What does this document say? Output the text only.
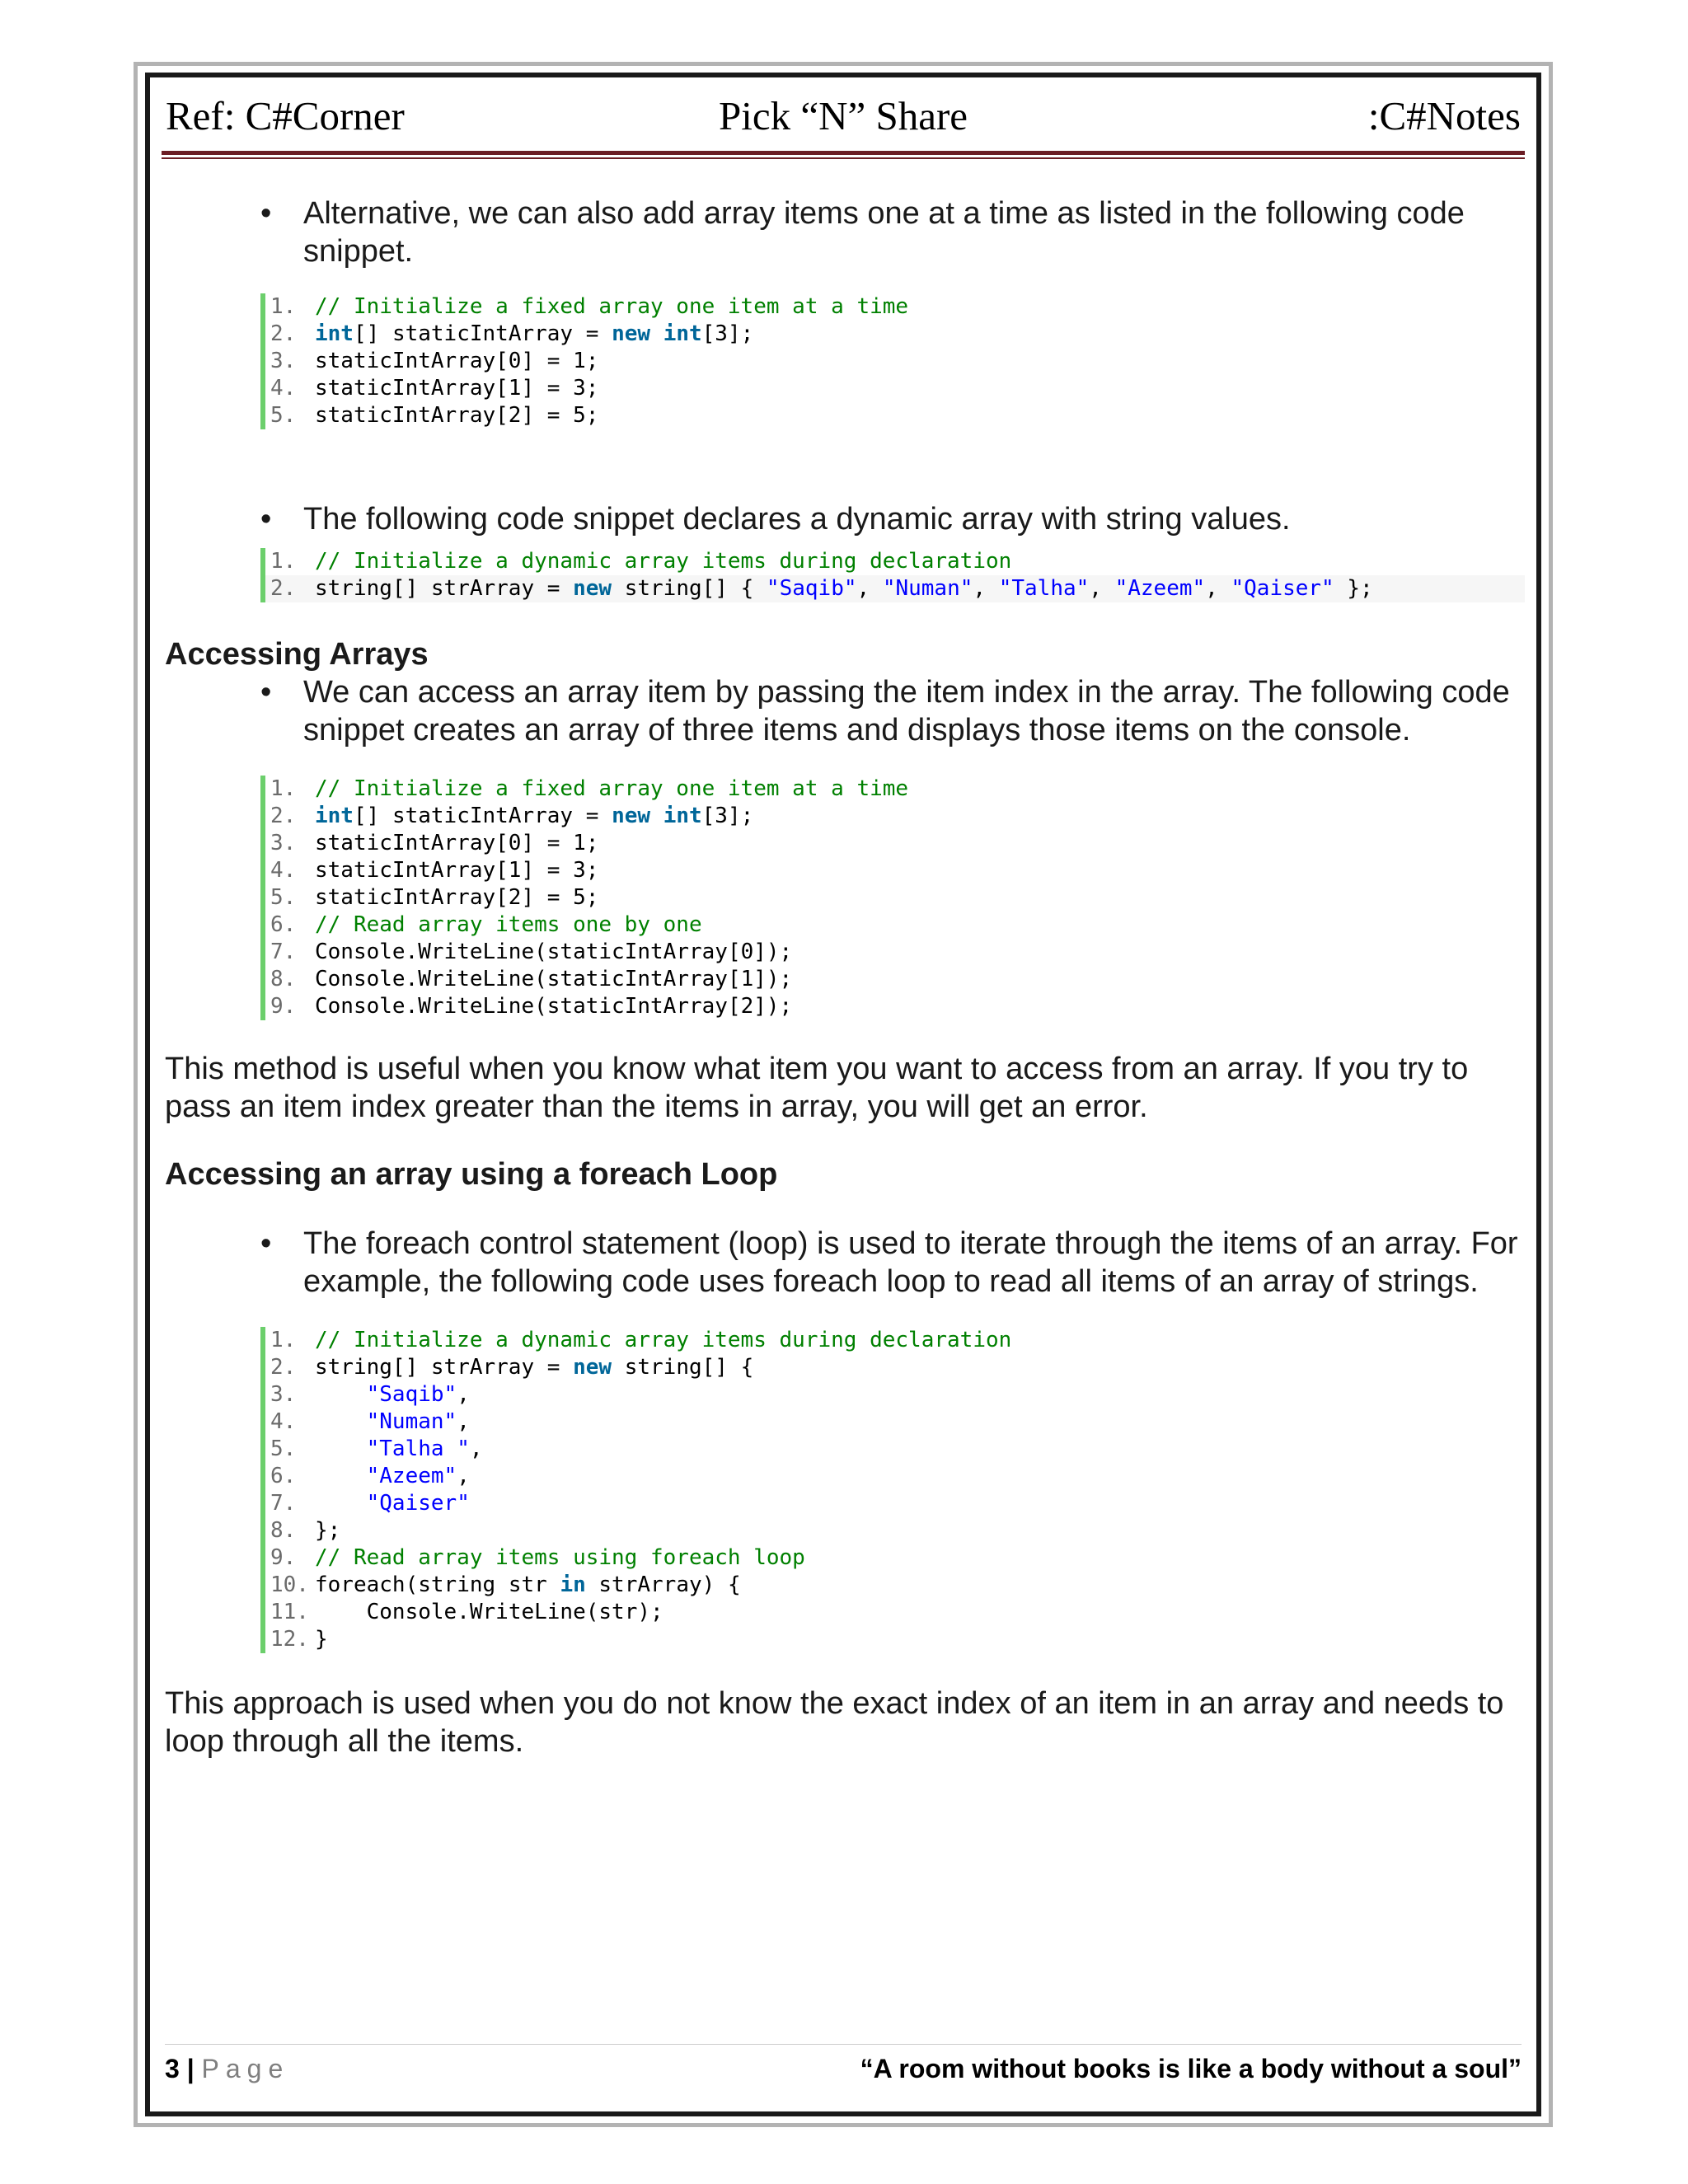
Ref: C#Corner	Pick “N” Share	:C#Notes
• Alternative, we can also add array items one at a time as listed in the following code snippet.
1. // Initialize a fixed array one item at a time
2. int[] staticIntArray = new int[3];
3. staticIntArray[0] = 1;
4. staticIntArray[1] = 3;
5. staticIntArray[2] = 5;
• The following code snippet declares a dynamic array with string values.
1. // Initialize a dynamic array items during declaration
2. string[] strArray = new string[] { "Saqib", "Numan", "Talha", "Azeem", "Qaiser" };
Accessing Arrays
• We can access an array item by passing the item index in the array. The following code snippet creates an array of three items and displays those items on the console.
1. // Initialize a fixed array one item at a time
2. int[] staticIntArray = new int[3];
3. staticIntArray[0] = 1;
4. staticIntArray[1] = 3;
5. staticIntArray[2] = 5;
6. // Read array items one by one
7. Console.WriteLine(staticIntArray[0]);
8. Console.WriteLine(staticIntArray[1]);
9. Console.WriteLine(staticIntArray[2]);
This method is useful when you know what item you want to access from an array. If you try to pass an item index greater than the items in array, you will get an error.
Accessing an array using a foreach Loop
• The foreach control statement (loop) is used to iterate through the items of an array. For example, the following code uses foreach loop to read all items of an array of strings.
1. // Initialize a dynamic array items during declaration
2. string[] strArray = new string[] {
3.	"Saqib",
4.	"Numan",
5.	"Talha ",
6.	"Azeem",
7.	"Qaiser"
8. };
9. // Read array items using foreach loop
10. foreach(string str in strArray) {
11.	Console.WriteLine(str);
12. }
This approach is used when you do not know the exact index of an item in an array and needs to loop through all the items.
3 | Page	“A room without books is like a body without a soul”
